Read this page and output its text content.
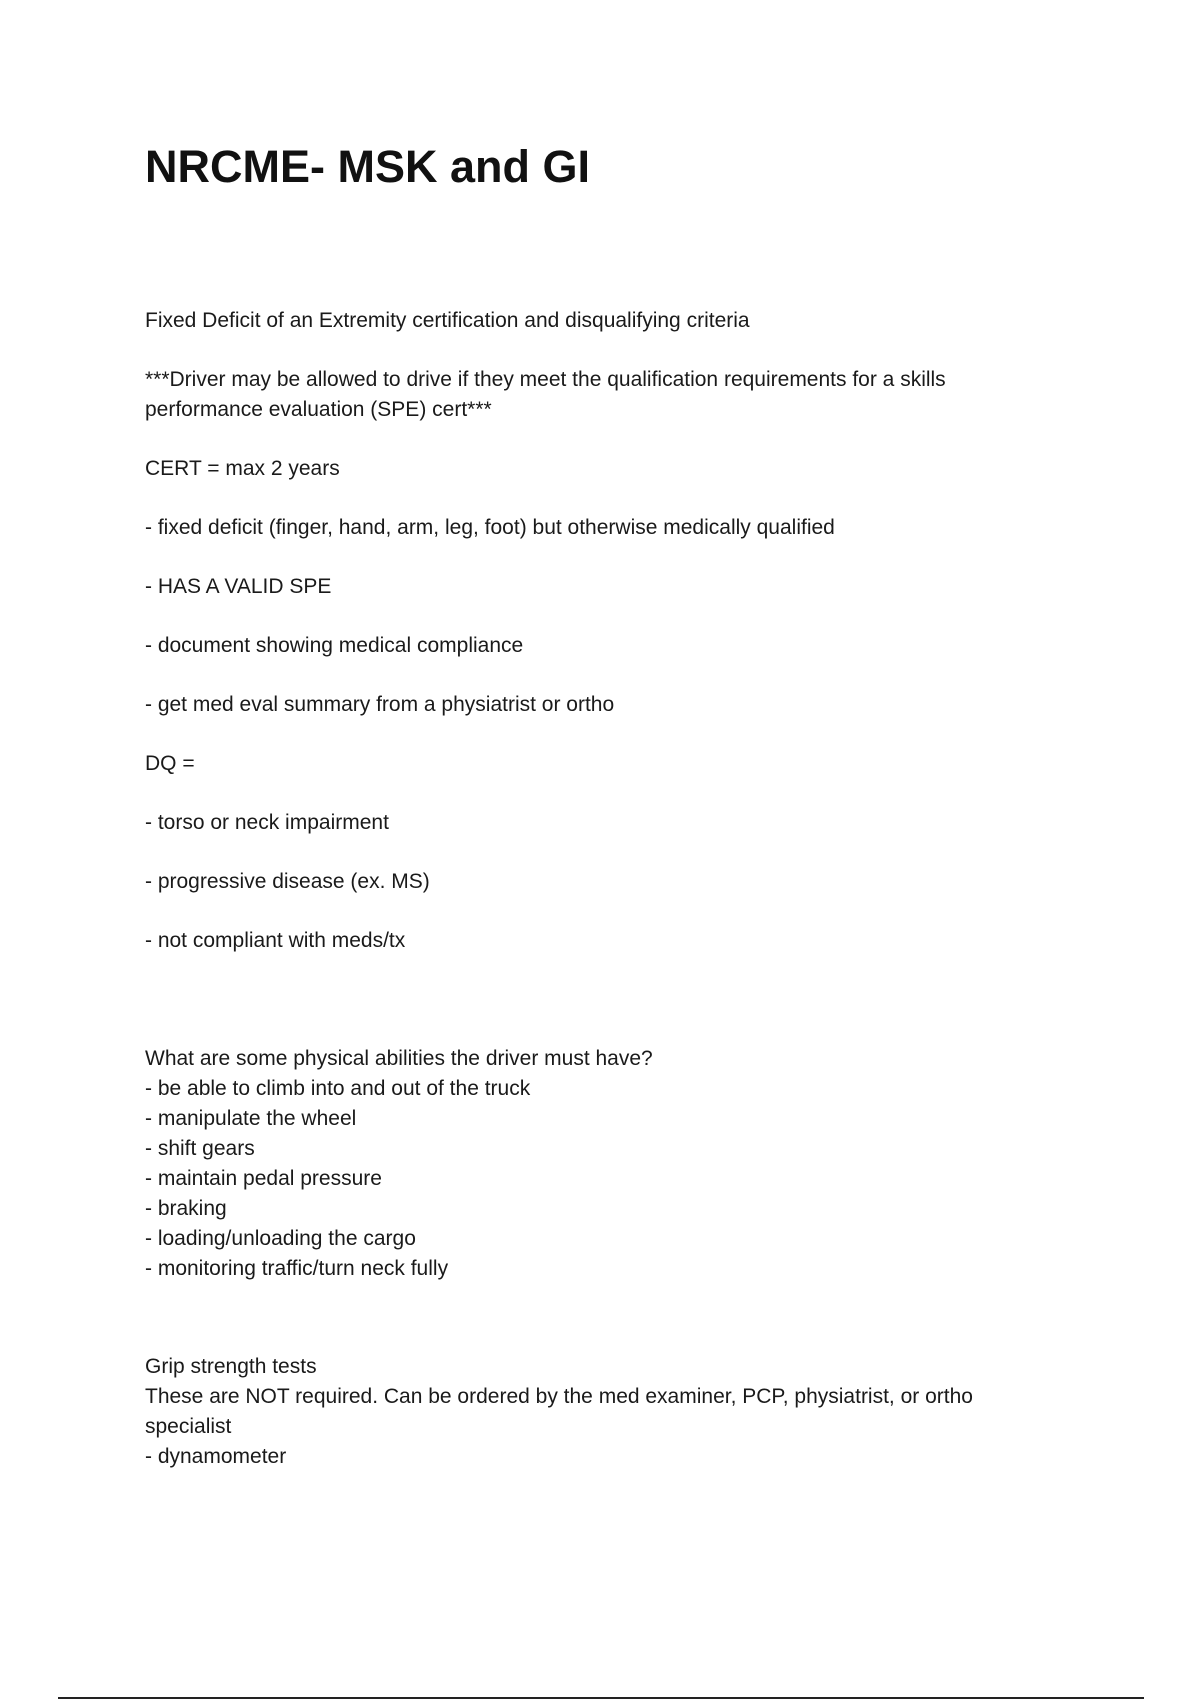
NRCME- MSK and GI

Fixed Deficit of an Extremity certification and disqualifying criteria

***Driver may be allowed to drive if they meet the qualification requirements for a skills performance evaluation (SPE) cert***

CERT = max 2 years

- fixed deficit (finger, hand, arm, leg, foot) but otherwise medically qualified

- HAS A VALID SPE

- document showing medical compliance

- get med eval summary from a physiatrist or ortho

DQ =

- torso or neck impairment

- progressive disease (ex. MS)

- not compliant with meds/tx

What are some physical abilities the driver must have?
- be able to climb into and out of the truck
- manipulate the wheel
- shift gears
- maintain pedal pressure
- braking
- loading/unloading the cargo
- monitoring traffic/turn neck fully
Grip strength tests
These are NOT required. Can be ordered by the med examiner, PCP, physiatrist, or ortho specialist
- dynamometer
